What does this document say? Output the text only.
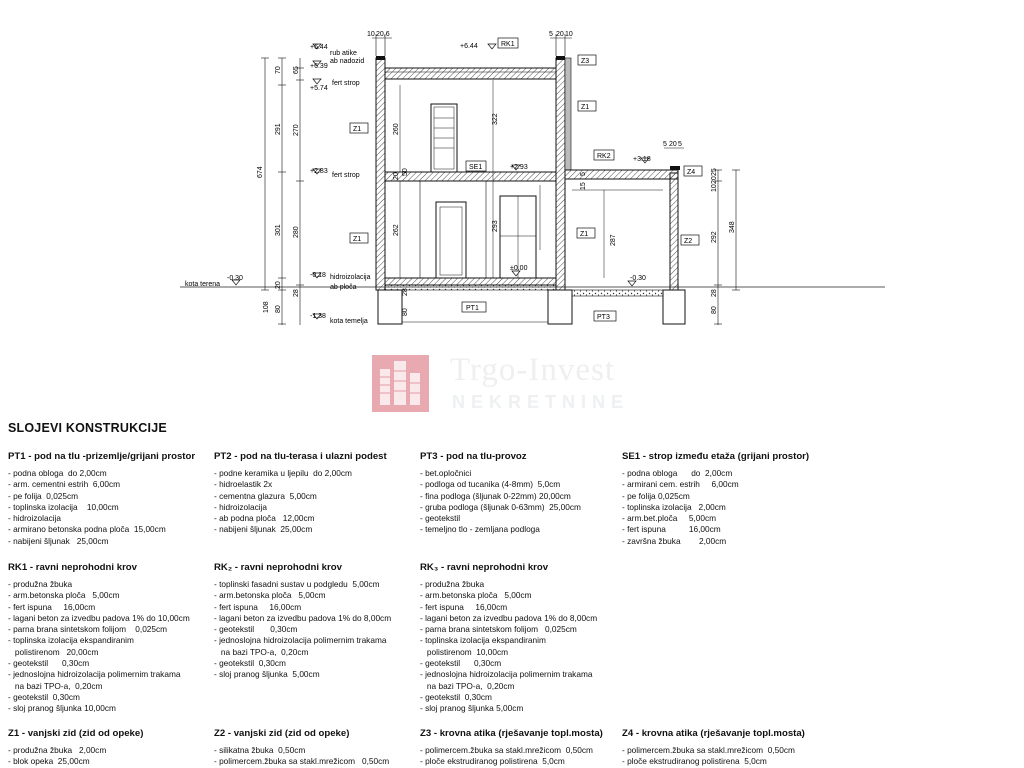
10 20,6	5 20 10
5 20 5
674
70
291
301
20
108 80
65
270
280
28
260
20
262
28
80
322
293
50
287
5
15
25
20
10
292
348
28
80
+6.44
+6.39
+5.74
+2.83
-0.18
-1.38
-0.30
+6.44
+2.93
+3.18
±0.00
-0.30
rub atike
ab nadozid
fert strop
fert strop
hidroizolacija
ab ploča
kota terena
kota temelja
RK1
Z3
Z1
Z1
SE1
RK2
Z4
Z1
Z1
Z2
PT1
PT3
Trgo-Invest
NEKRETNINE
SLOJEVI KONSTRUKCIJE
PT1 - pod na tlu -prizemlje/grijani prostor
- podna obloga  do 2,00cm
- arm. cementni estrih  6,00cm
- pe folija  0,025cm
- toplinska izolacija    10,00cm
- hidroizolacija
- armirano betonska podna ploča  15,00cm
- nabijeni šljunak   25,00cm
PT2 - pod na tlu-terasa i ulazni podest
- podne keramika u ljepilu  do 2,00cm
- hidroelastik 2x
- cementna glazura  5,00cm
- hidroizolacija
- ab podna ploča   12,00cm
- nabijeni šljunak  25,00cm
PT3 - pod na tlu-provoz
- bet.opločnici
- podloga od tucanika (4-8mm)  5,0cm
- fina podloga (šljunak 0-22mm) 20,00cm
- gruba podloga (šljunak 0-63mm)  25,00cm
- geotekstil
- temeljno tlo - zemljana podloga
SE1 - strop između etaža (grijani prostor)
- podna obloga      do  2,00cm
- armirani cem. estrih     6,00cm
- pe folija 0,025cm
- toplinska izolacija   2,00cm
- arm.bet.ploča     5,00cm
- fert ispuna          16,00cm
- završna žbuka        2,00cm
RK1 - ravni neprohodni krov
- produžna žbuka
- arm.betonska ploča   5,00cm
- fert ispuna     16,00cm
- lagani beton za izvedbu padova 1% do 10,00cm
- parna brana sintetskom folijom    0,025cm
- toplinska izolacija ekspandiranim
polistirenom   20,00cm
- geotekstil      0,30cm
- jednoslojna hidroizolacija polimernim trakama
na bazi TPO-a,  0,20cm
- geotekstil  0,30cm
- sloj pranog šljunka 10,00cm
RK₂ - ravni neprohodni krov
- toplinski fasadni sustav u podgledu  5,00cm
- arm.betonska ploča   5,00cm
- fert ispuna     16,00cm
- lagani beton za izvedbu padova 1% do 8,00cm
- geotekstil       0,30cm
- jednoslojna hidroizolacija polimernim trakama
na bazi TPO-a,  0,20cm
- geotekstil  0,30cm
- sloj pranog šljunka  5,00cm
RK₃ - ravni neprohodni krov
- produžna žbuka
- arm.betonska ploča   5,00cm
- fert ispuna     16,00cm
- lagani beton za izvedbu padova 1% do 8,00cm
- parna brana sintetskom folijom   0,025cm
- toplinska izolacija ekspandiranim
polistirenom  10,00cm
- geotekstil      0,30cm
- jednoslojna hidroizolacija polimernim trakama
na bazi TPO-a,  0,20cm
- geotekstil  0,30cm
- sloj pranog šljunka 5,00cm
Z1 - vanjski zid (zid od opeke)
- produžna žbuka   2,00cm
- blok opeka  25,00cm
Z2 - vanjski zid (zid od opeke)
- silikatna žbuka  0,50cm
- polimercem.žbuka sa stakl.mrežicom   0,50cm
Z3 - krovna atika (rješavanje topl.mosta)
- polimercem.žbuka sa stakl.mrežicom  0,50cm
- ploče ekstrudiranog polistirena  5,0cm
Z4 - krovna atika (rješavanje topl.mosta)
- polimercem.žbuka sa stakl.mrežicom  0,50cm
- ploče ekstrudiranog polistirena  5,0cm
